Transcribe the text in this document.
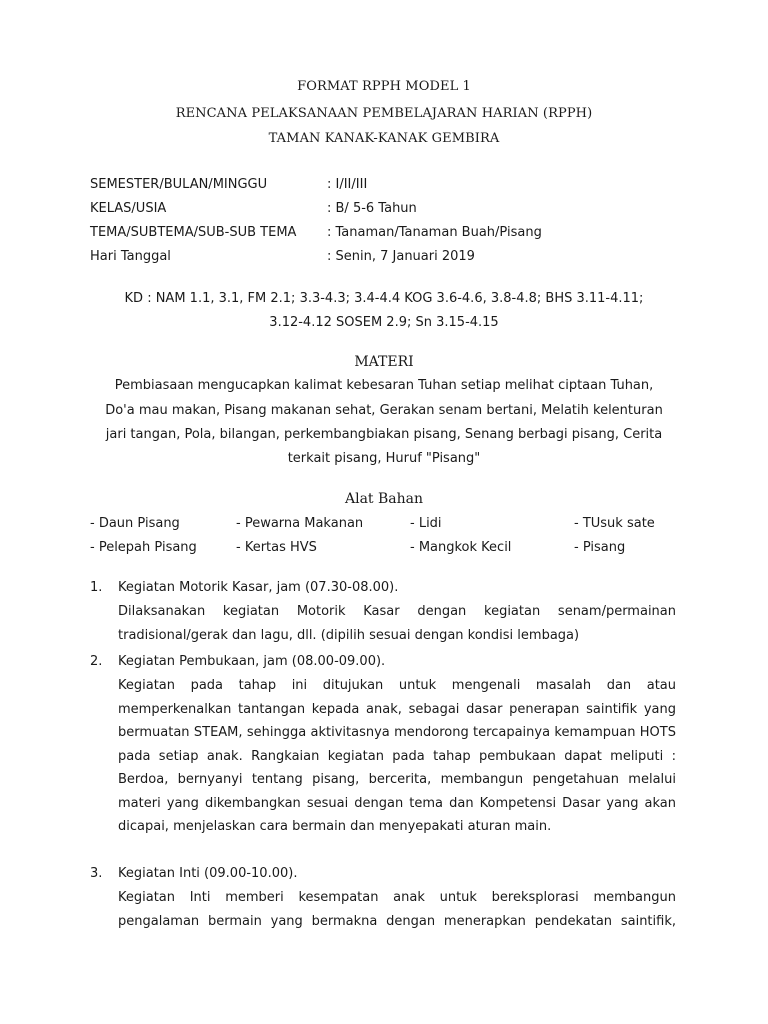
FORMAT RPPH MODEL 1
RENCANA PELAKSANAAN PEMBELAJARAN HARIAN (RPPH)
TAMAN KANAK-KANAK GEMBIRA
SEMESTER/BULAN/MINGGU	: I/II/III
KELAS/USIA	: B/ 5-6 Tahun
TEMA/SUBTEMA/SUB-SUB TEMA : Tanaman/Tanaman Buah/Pisang
Hari Tanggal	: Senin, 7 Januari 2019
KD : NAM 1.1, 3.1, FM 2.1; 3.3-4.3; 3.4-4.4 KOG 3.6-4.6, 3.8-4.8; BHS 3.11-4.11;
3.12-4.12 SOSEM 2.9; Sn 3.15-4.15
MATERI
Pembiasaan mengucapkan kalimat kebesaran Tuhan setiap melihat ciptaan Tuhan,
Do'a mau makan, Pisang makanan sehat, Gerakan senam bertani, Melatih kelenturan
jari tangan, Pola, bilangan, perkembangbiakan pisang, Senang berbagi pisang, Cerita
terkait pisang, Huruf "Pisang"
Alat Bahan
- Daun Pisang	- Pewarna Makanan	- Lidi	- TUsuk sate
- Pelepah Pisang	- Kertas HVS	- Mangkok Kecil	- Pisang
1. Kegiatan Motorik Kasar, jam (07.30-08.00).
Dilaksanakan kegiatan Motorik Kasar dengan kegiatan senam/permainan tradisional/gerak dan lagu, dll. (dipilih sesuai dengan kondisi lembaga)
2. Kegiatan Pembukaan, jam (08.00-09.00).
Kegiatan pada tahap ini ditujukan untuk mengenali masalah dan atau memperkenalkan tantangan kepada anak, sebagai dasar penerapan saintifik yang bermuatan STEAM, sehingga aktivitasnya mendorong tercapainya kemampuan HOTS pada setiap anak. Rangkaian kegiatan pada tahap pembukaan dapat meliputi : Berdoa, bernyanyi tentang pisang, bercerita, membangun pengetahuan melalui materi yang dikembangkan sesuai dengan tema dan Kompetensi Dasar yang akan dicapai, menjelaskan cara bermain dan menyepakati aturan main.
3. Kegiatan Inti (09.00-10.00).
Kegiatan Inti memberi kesempatan anak untuk bereksplorasi membangun pengalaman bermain yang bermakna dengan menerapkan pendekatan saintifik,
